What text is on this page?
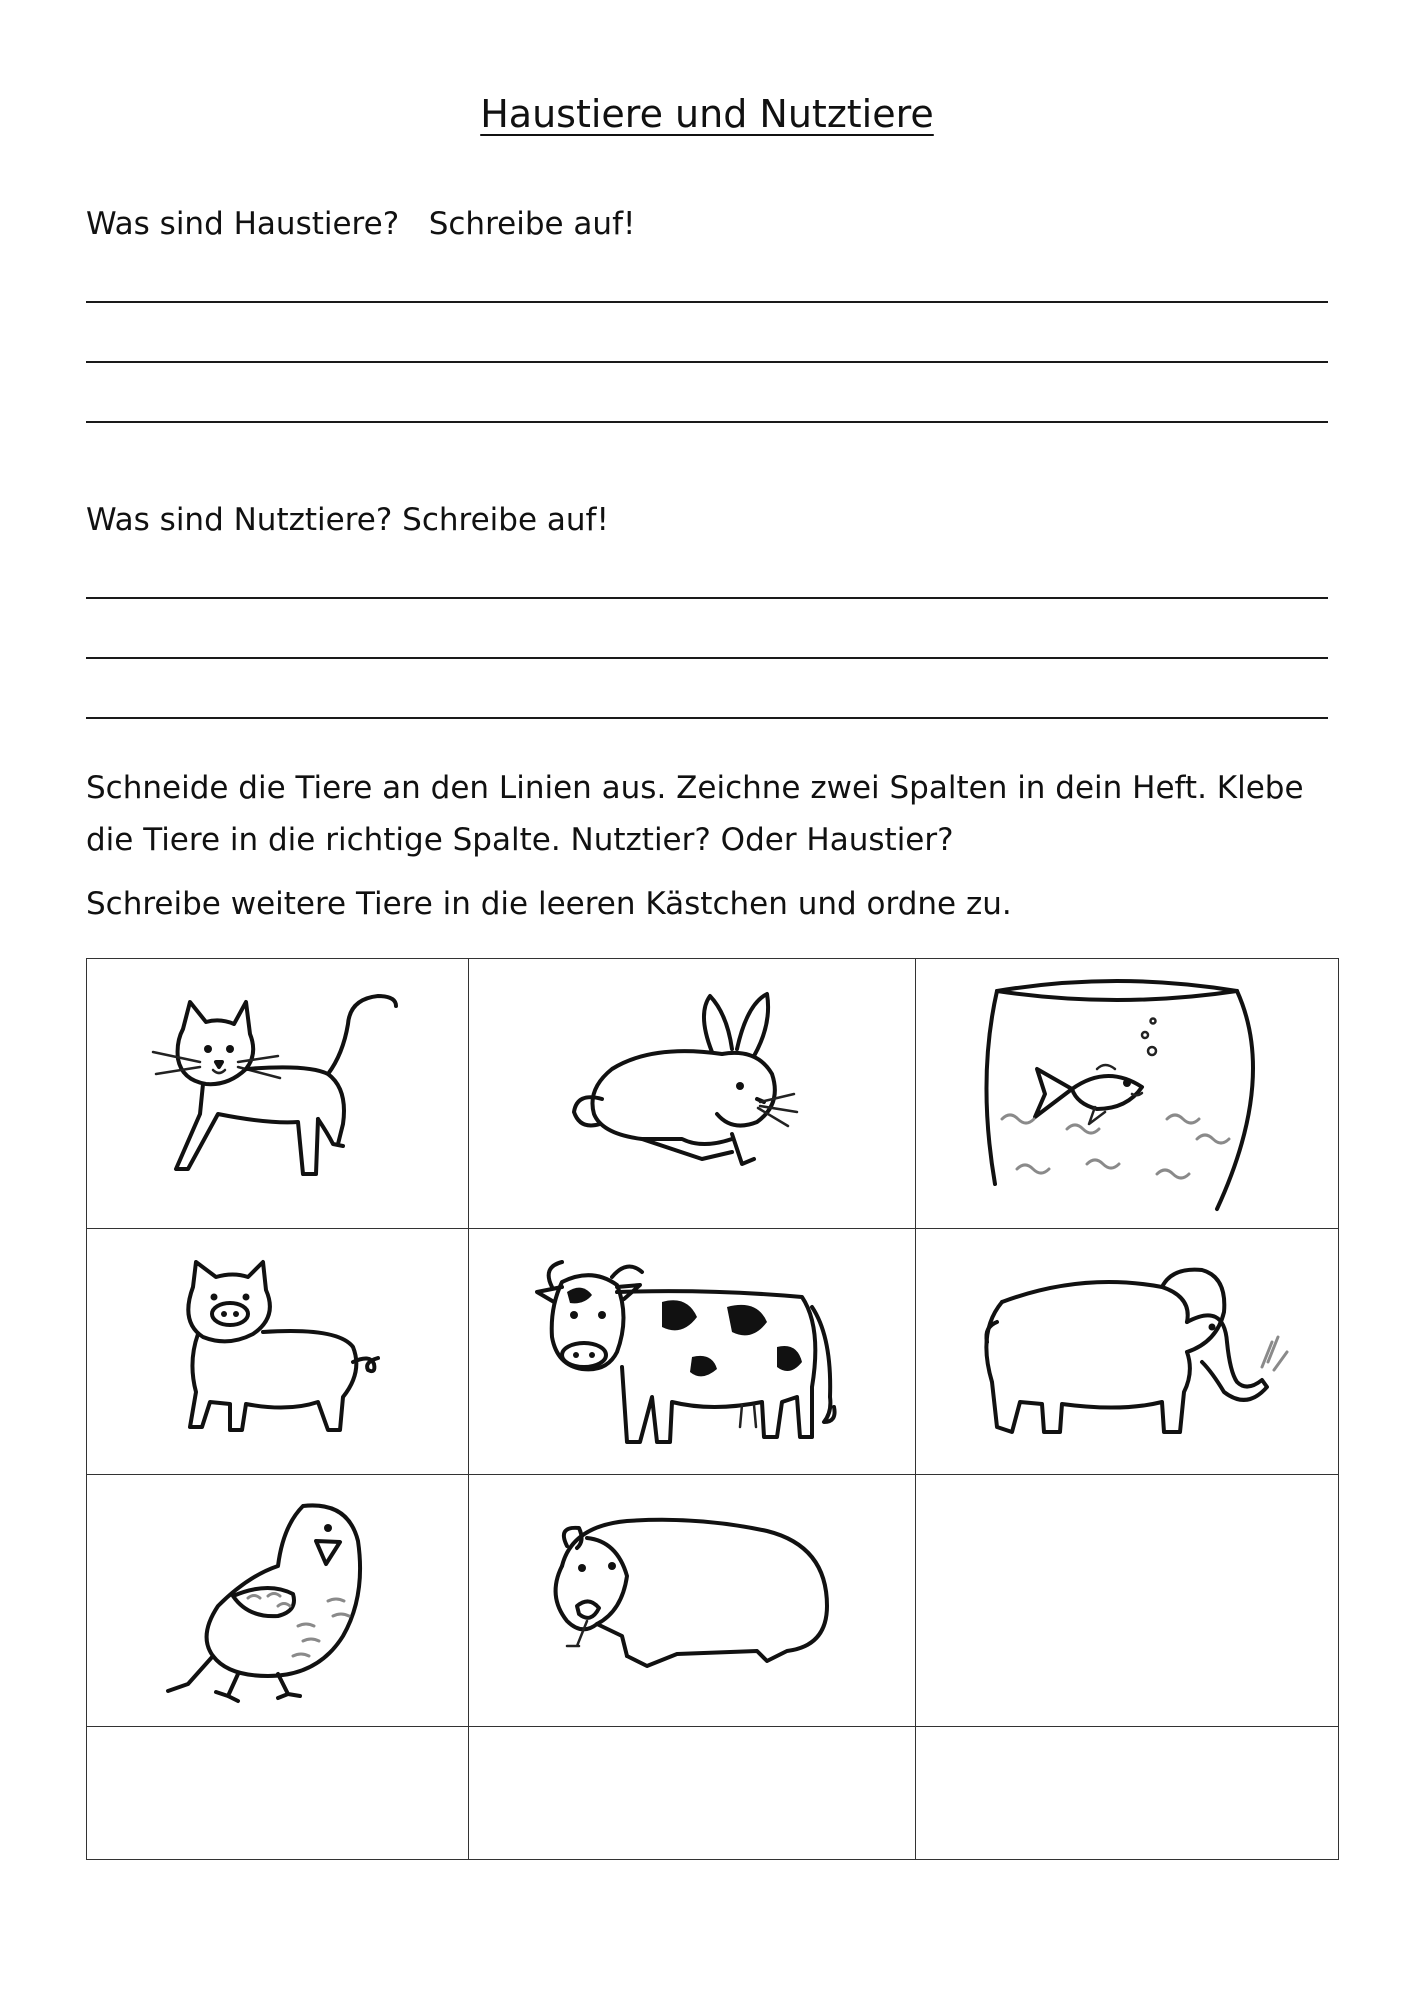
Haustiere und Nutztiere
Was sind Haustiere?   Schreibe auf!
Was sind Nutztiere? Schreibe auf!
Schneide die Tiere an den Linien aus. Zeichne zwei Spalten in dein Heft. Klebe die Tiere in die richtige Spalte. Nutztier? Oder Haustier?
Schreibe weitere Tiere in die leeren Kästchen und ordne zu.
